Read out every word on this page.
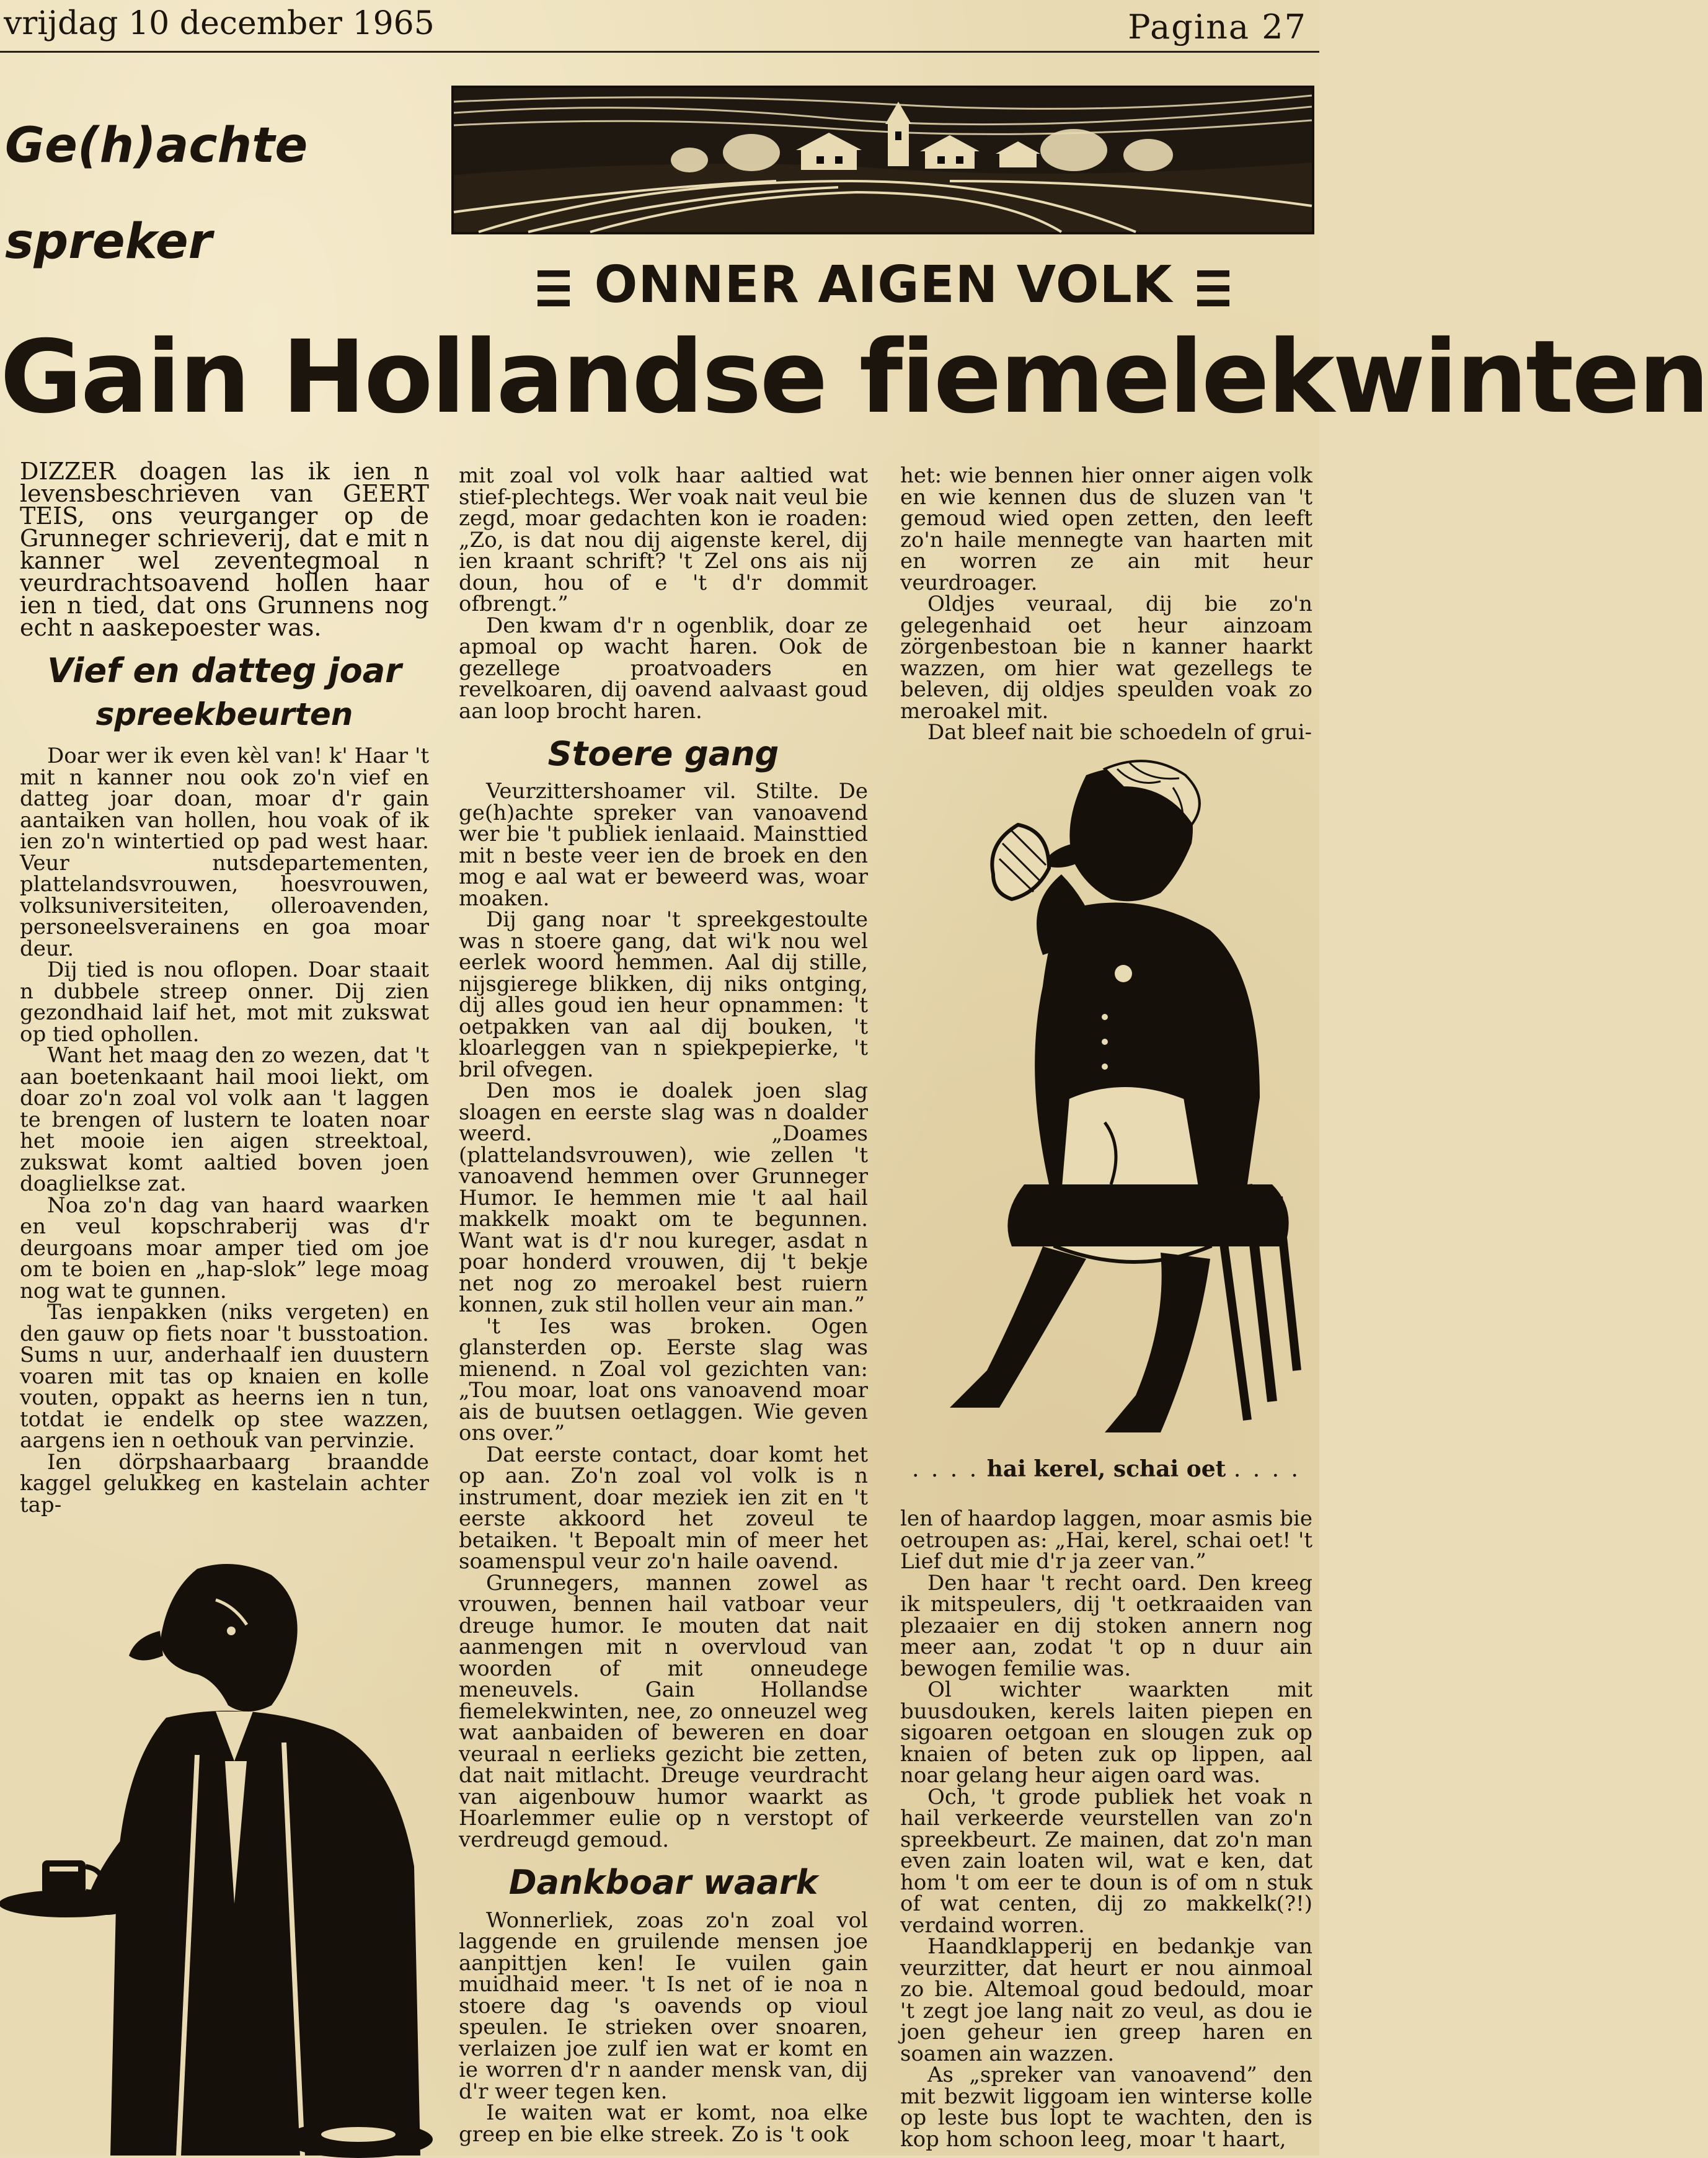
vrijdag 10 december 1965	Pagina 27
Ge(h)achte
spreker
ONNER AIGEN VOLK
Gain Hollandse fiemelekwinten

DIZZER doagen las ik ien n levensbeschrieven van GEERT TEIS, ons veurganger op de Grunneger schrieverij, dat e mit n kanner wel zeventegmoal n veurdrachtsoavend hollen haar ien n tied, dat ons Grunnens nog echt n aaskepoester was.

Vief en datteg joar

spreekbeurten

Doar wer ik even kèl van! k' Haar 't mit n kanner nou ook zo'n vief en datteg joar doan, moar d'r gain aantaiken van hollen, hou voak of ik ien zo'n wintertied op pad west haar. Veur nutsdepartementen, plattelandsvrouwen, hoesvrouwen, volksuniversiteiten, olleroavenden, personeelsverainens en goa moar deur.

Dij tied is nou oflopen. Doar staait n dubbele streep onner. Dij zien gezondhaid laif het, mot mit zukswat op tied ophollen.

Want het maag den zo wezen, dat 't aan boetenkaant hail mooi liekt, om doar zo'n zoal vol volk aan 't laggen te brengen of lustern te loaten noar het mooie ien aigen streektoal, zukswat komt aaltied boven joen doaglielkse zat.

Noa zo'n dag van haard waarken en veul kopschraberij was d'r deurgoans moar amper tied om joe om te boien en „hap-slok” lege moag nog wat te gunnen.

Tas ienpakken (niks vergeten) en den gauw op fiets noar 't busstoation. Sums n uur, anderhaalf ien duustern voaren mit tas op knaien en kolle vouten, oppakt as heerns ien n tun, totdat ie endelk op stee wazzen, aargens ien n oethouk van pervinzie.

Ien dörpshaarbaarg braandde kaggel gelukkeg en kastelain achter tap-

mit zoal vol volk haar aaltied wat stief-plechtegs. Wer voak nait veul bie zegd, moar gedachten kon ie roaden: „Zo, is dat nou dij aigenste kerel, dij ien kraant schrift? 't Zel ons ais nij doun, hou of e 't d'r dommit ofbrengt.”

Den kwam d'r n ogenblik, doar ze apmoal op wacht haren. Ook de gezellege proatvoaders en revelkoaren, dij oavend aalvaast goud aan loop brocht haren.

Stoere gang

Veurzittershoamer vil. Stilte. De ge(h)achte spreker van vanoavend wer bie 't publiek ienlaaid. Mainsttied mit n beste veer ien de broek en den mog e aal wat er beweerd was, woar moaken.

Dij gang noar 't spreekgestoulte was n stoere gang, dat wi'k nou wel eerlek woord hemmen. Aal dij stille, nijsgierege blikken, dij niks ontging, dij alles goud ien heur opnammen: 't oetpakken van aal dij bouken, 't kloarleggen van n spiekpepierke, 't bril ofvegen.

Den mos ie doalek joen slag sloagen en eerste slag was n doalder weerd. „Doames (plattelandsvrouwen), wie zellen 't vanoavend hemmen over Grunneger Humor. Ie hemmen mie 't aal hail makkelk moakt om te begunnen. Want wat is d'r nou kureger, asdat n poar honderd vrouwen, dij 't bekje net nog zo meroakel best ruiern konnen, zuk stil hollen veur ain man.”

't Ies was broken. Ogen glansterden op. Eerste slag was mienend. n Zoal vol gezichten van: „Tou moar, loat ons vanoavend moar ais de buutsen oetlaggen. Wie geven ons over.”

Dat eerste contact, doar komt het op aan. Zo'n zoal vol volk is n instrument, doar meziek ien zit en 't eerste akkoord het zoveul te betaiken. 't Bepoalt min of meer het soamenspul veur zo'n haile oavend.

Grunnegers, mannen zowel as vrouwen, bennen hail vatboar veur dreuge humor. Ie mouten dat nait aanmengen mit n overvloud van woorden of mit onneudege meneuvels. Gain Hollandse fiemelekwinten, nee, zo onneuzel weg wat aanbaiden of beweren en doar veuraal n eerlieks gezicht bie zetten, dat nait mitlacht. Dreuge veurdracht van aigenbouw humor waarkt as Hoarlemmer eulie op n verstopt of verdreugd gemoud.

Dankboar waark

Wonnerliek, zoas zo'n zoal vol laggende en gruilende mensen joe aanpittjen ken! Ie vuilen gain muidhaid meer. 't Is net of ie noa n stoere dag 's oavends op vioul speulen. Ie strieken over snoaren, verlaizen joe zulf ien wat er komt en ie worren d'r n aander mensk van, dij d'r weer tegen ken.

Ie waiten wat er komt, noa elke greep en bie elke streek. Zo is 't ook

het: wie bennen hier onner aigen volk en wie kennen dus de sluzen van 't gemoud wied open zetten, den leeft zo'n haile mennegte van haarten mit en worren ze ain mit heur veurdroager.

Oldjes veuraal, dij bie zo'n gelegenhaid oet heur ainzoam zörgenbestoan bie n kanner haarkt wazzen, om hier wat gezellegs te beleven, dij oldjes speulden voak zo meroakel mit.

Dat bleef nait bie schoedeln of grui-

. . . . hai kerel, schai oet . . . .

len of haardop laggen, moar asmis bie oetroupen as: „Hai, kerel, schai oet! 't Lief dut mie d'r ja zeer van.”

Den haar 't recht oard. Den kreeg ik mitspeulers, dij 't oetkraaiden van plezaaier en dij stoken annern nog meer aan, zodat 't op n duur ain bewogen femilie was.

Ol wichter waarkten mit buusdouken, kerels laiten piepen en sigoaren oetgoan en slougen zuk op knaien of beten zuk op lippen, aal noar gelang heur aigen oard was.

Och, 't grode publiek het voak n hail verkeerde veurstellen van zo'n spreekbeurt. Ze mainen, dat zo'n man even zain loaten wil, wat e ken, dat hom 't om eer te doun is of om n stuk of wat centen, dij zo makkelk(?!) verdaind worren.

Haandklapperij en bedankje van veurzitter, dat heurt er nou ainmoal zo bie. Altemoal goud bedould, moar 't zegt joe lang nait zo veul, as dou ie joen geheur ien greep haren en soamen ain wazzen.

As „spreker van vanoavend” den mit bezwit liggoam ien winterse kolle op leste bus lopt te wachten, den is kop hom schoon leeg, moar 't haart,
